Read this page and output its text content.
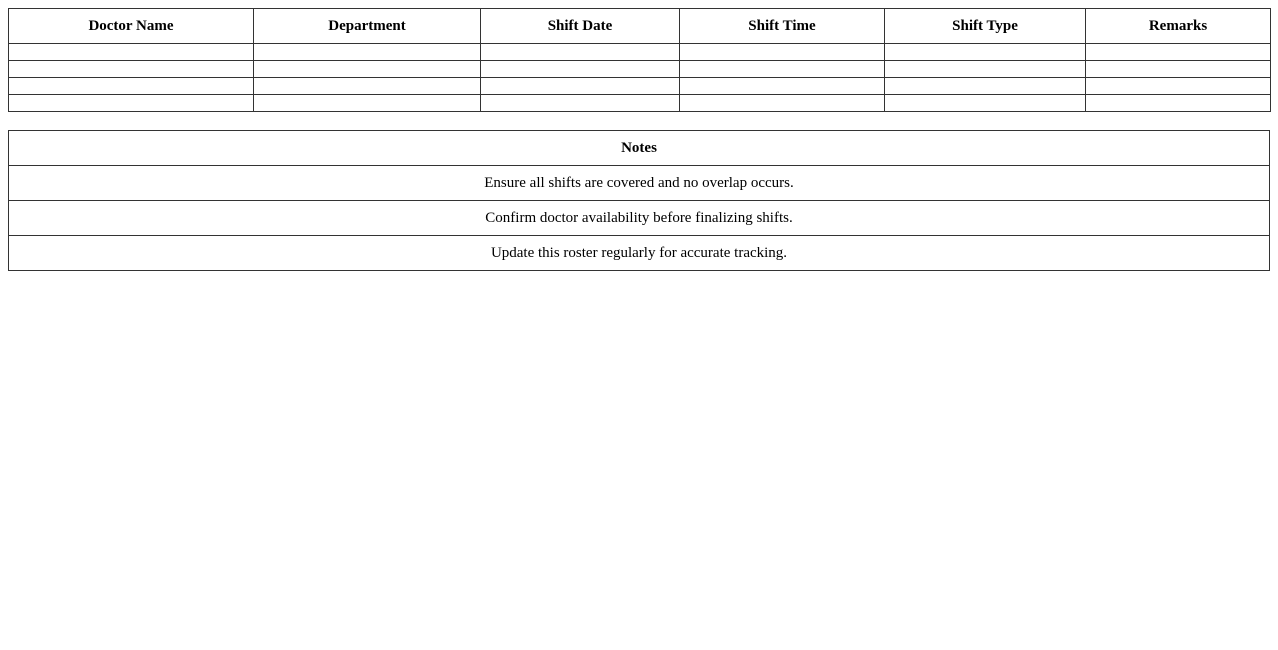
Doctor Name	Department	Shift Date	Shift Time	Shift Type	Remarks

Notes
Ensure all shifts are covered and no overlap occurs.
Confirm doctor availability before finalizing shifts.
Update this roster regularly for accurate tracking.
